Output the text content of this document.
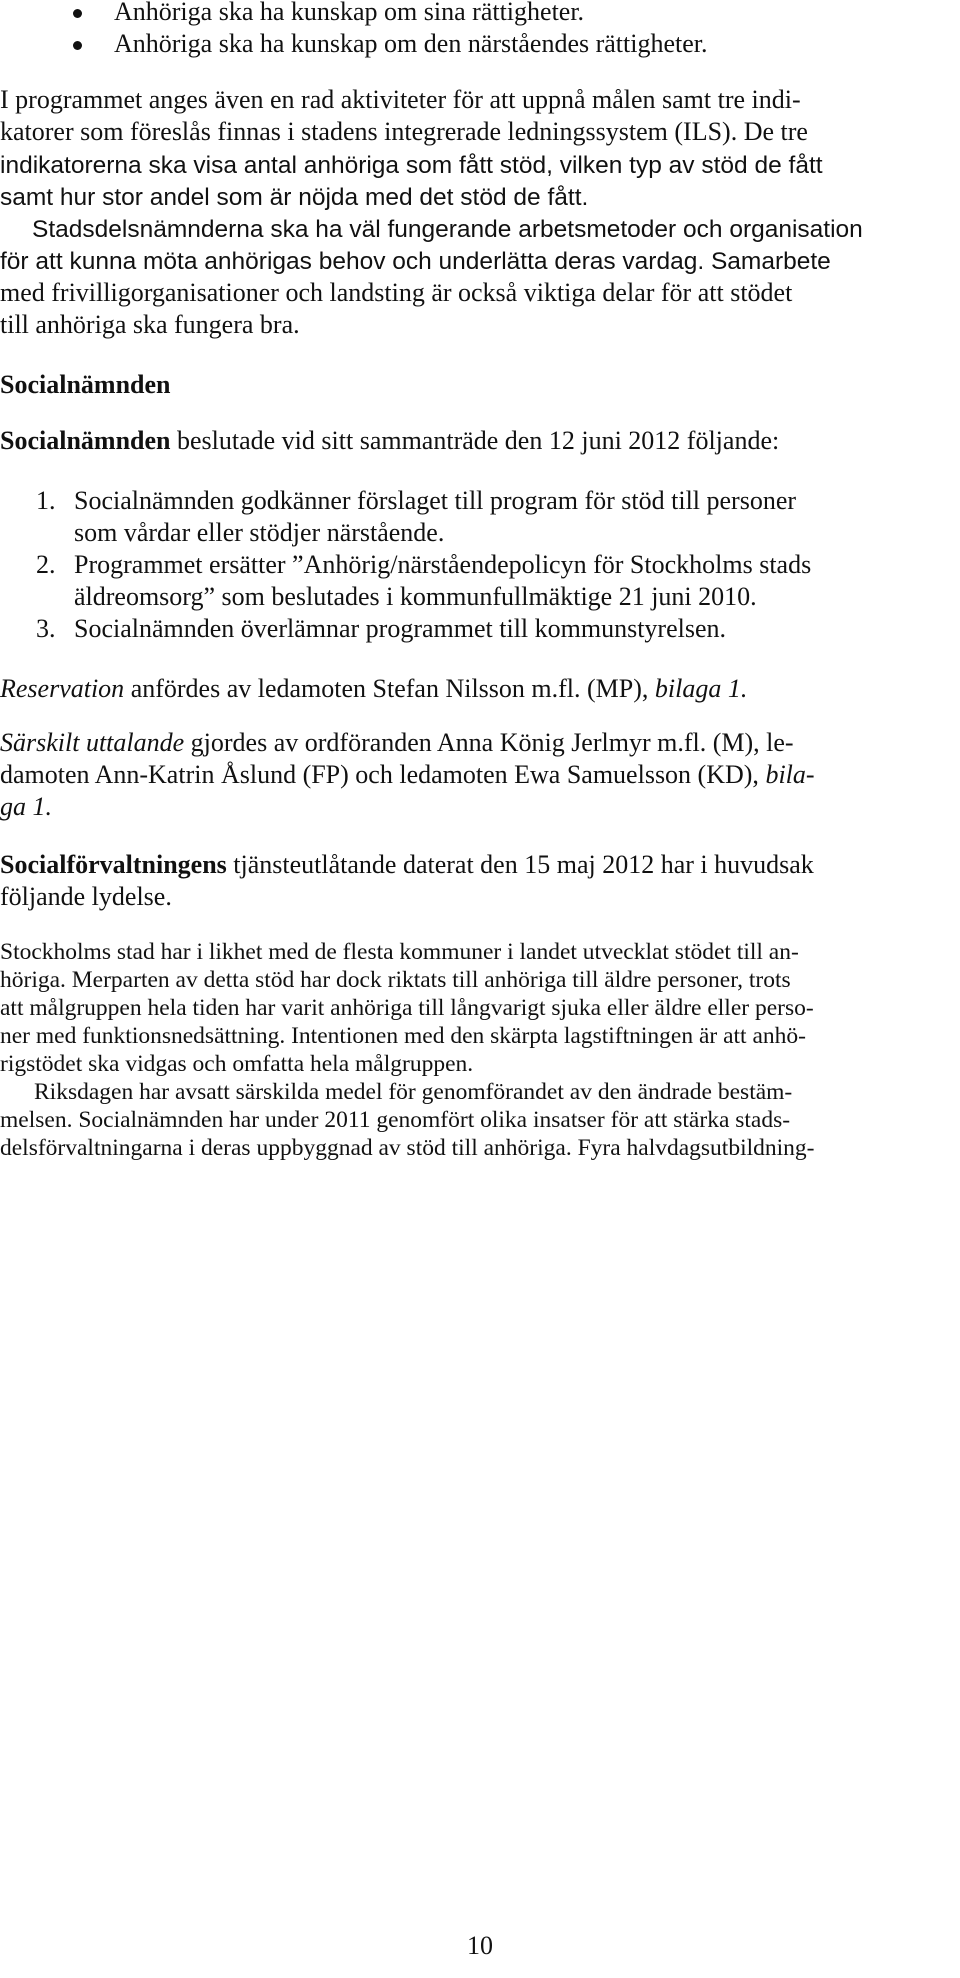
Anhöriga ska ha kunskap om sina rättigheter.

Anhöriga ska ha kunskap om den närståendes rättigheter.

I programmet anges även en rad aktiviteter för att uppnå målen samt tre indi-

katorer som föreslås finnas i stadens integrerade ledningssystem (ILS). De tre

indikatorerna ska visa antal anhöriga som fått stöd, vilken typ av stöd de fått

samt hur stor andel som är nöjda med det stöd de fått.

Stadsdelsnämnderna ska ha väl fungerande arbetsmetoder och organisation

för att kunna möta anhörigas behov och underlätta deras vardag. Samarbete

med frivilligorganisationer och landsting är också viktiga delar för att stödet

till anhöriga ska fungera bra.

Socialnämnden

Socialnämnden beslutade vid sitt sammanträde den 12 juni 2012 följande:

1. Socialnämnden godkänner förslaget till program för stöd till personer

som vårdar eller stödjer närstående.

2. Programmet ersätter ”Anhörig/närståendepolicyn för Stockholms stads

äldreomsorg” som beslutades i kommunfullmäktige 21 juni 2010.

3. Socialnämnden överlämnar programmet till kommunstyrelsen.

Reservation anfördes av ledamoten Stefan Nilsson m.fl. (MP), bilaga 1.

Särskilt uttalande gjordes av ordföranden Anna König Jerlmyr m.fl. (M), le-

damoten Ann-Katrin Åslund (FP) och ledamoten Ewa Samuelsson (KD), bila-

ga 1.

Socialförvaltningens tjänsteutlåtande daterat den 15 maj 2012 har i huvudsak

följande lydelse.

Stockholms stad har i likhet med de flesta kommuner i landet utvecklat stödet till an-

höriga. Merparten av detta stöd har dock riktats till anhöriga till äldre personer, trots

att målgruppen hela tiden har varit anhöriga till långvarigt sjuka eller äldre eller perso-

ner med funktionsnedsättning. Intentionen med den skärpta lagstiftningen är att anhö-

rigstödet ska vidgas och omfatta hela målgruppen.

Riksdagen har avsatt särskilda medel för genomförandet av den ändrade bestäm-

melsen. Socialnämnden har under 2011 genomfört olika insatser för att stärka stads-

delsförvaltningarna i deras uppbyggnad av stöd till anhöriga. Fyra halvdagsutbildning-

10
